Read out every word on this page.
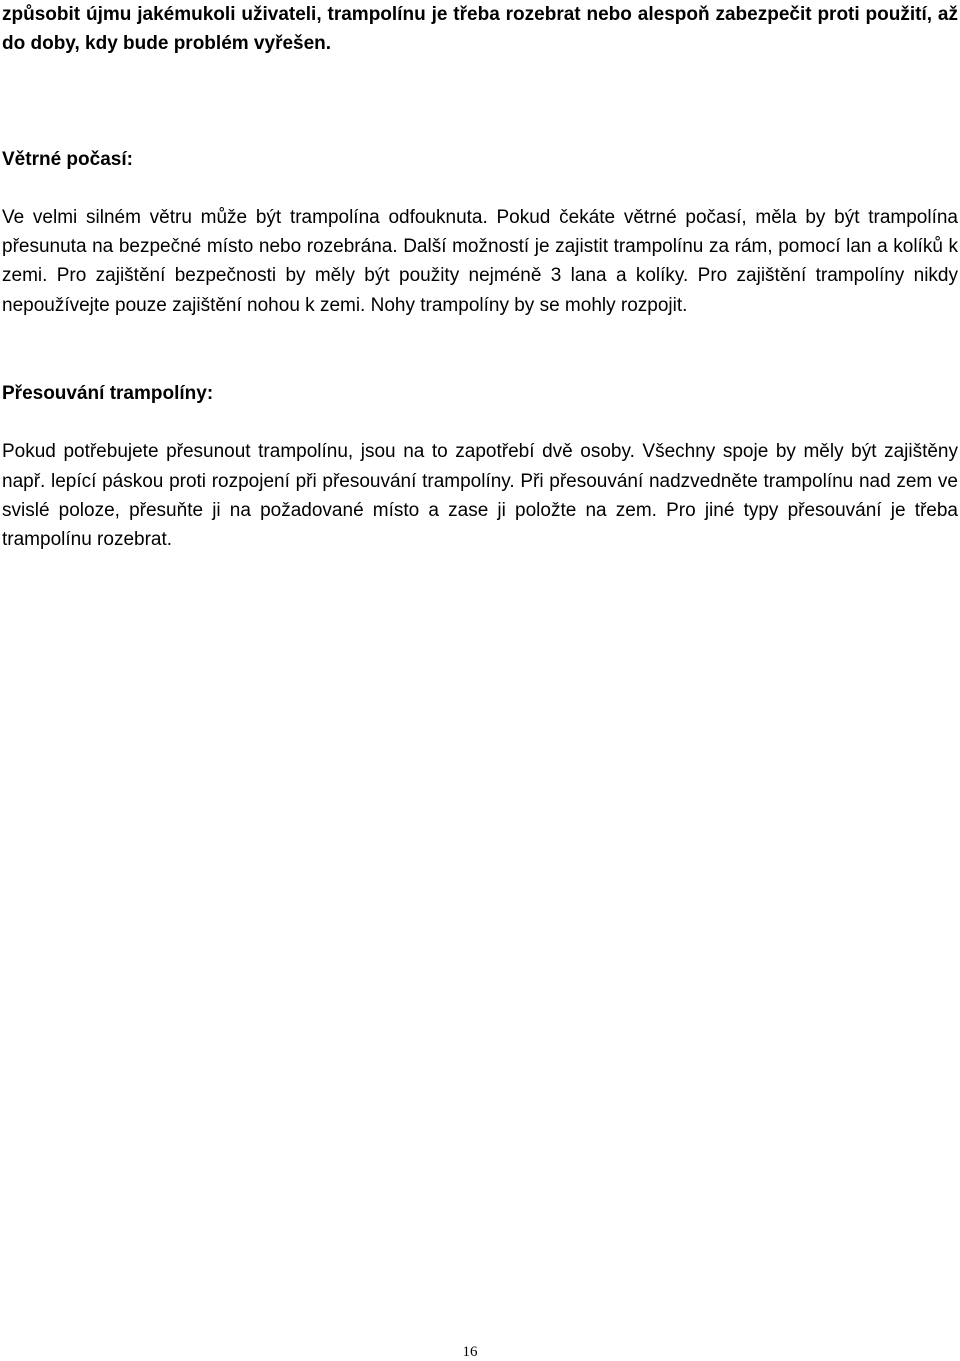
způsobit újmu jakémukoli uživateli, trampolínu je třeba rozebrat nebo alespoň zabezpečit proti použití, až do doby, kdy bude problém vyřešen.

Větrné počasí:

Ve velmi silném větru může být trampolína odfouknuta. Pokud čekáte větrné počasí, měla by být trampolína přesunuta na bezpečné místo nebo rozebrána. Další možností je zajistit trampolínu za rám, pomocí lan a kolíků k zemi. Pro zajištění bezpečnosti by měly být použity nejméně 3 lana a kolíky. Pro zajištění trampolíny nikdy nepoužívejte pouze zajištění nohou k zemi. Nohy trampolíny by se mohly rozpojit.

Přesouvání trampolíny:

Pokud potřebujete přesunout trampolínu, jsou na to zapotřebí dvě osoby. Všechny spoje by měly být zajištěny např. lepící páskou proti rozpojení při přesouvání trampolíny. Při přesouvání nadzvedněte trampolínu nad zem ve svislé poloze, přesuňte ji na požadované místo a zase ji položte na zem. Pro jiné typy přesouvání je třeba trampolínu rozebrat.

16
